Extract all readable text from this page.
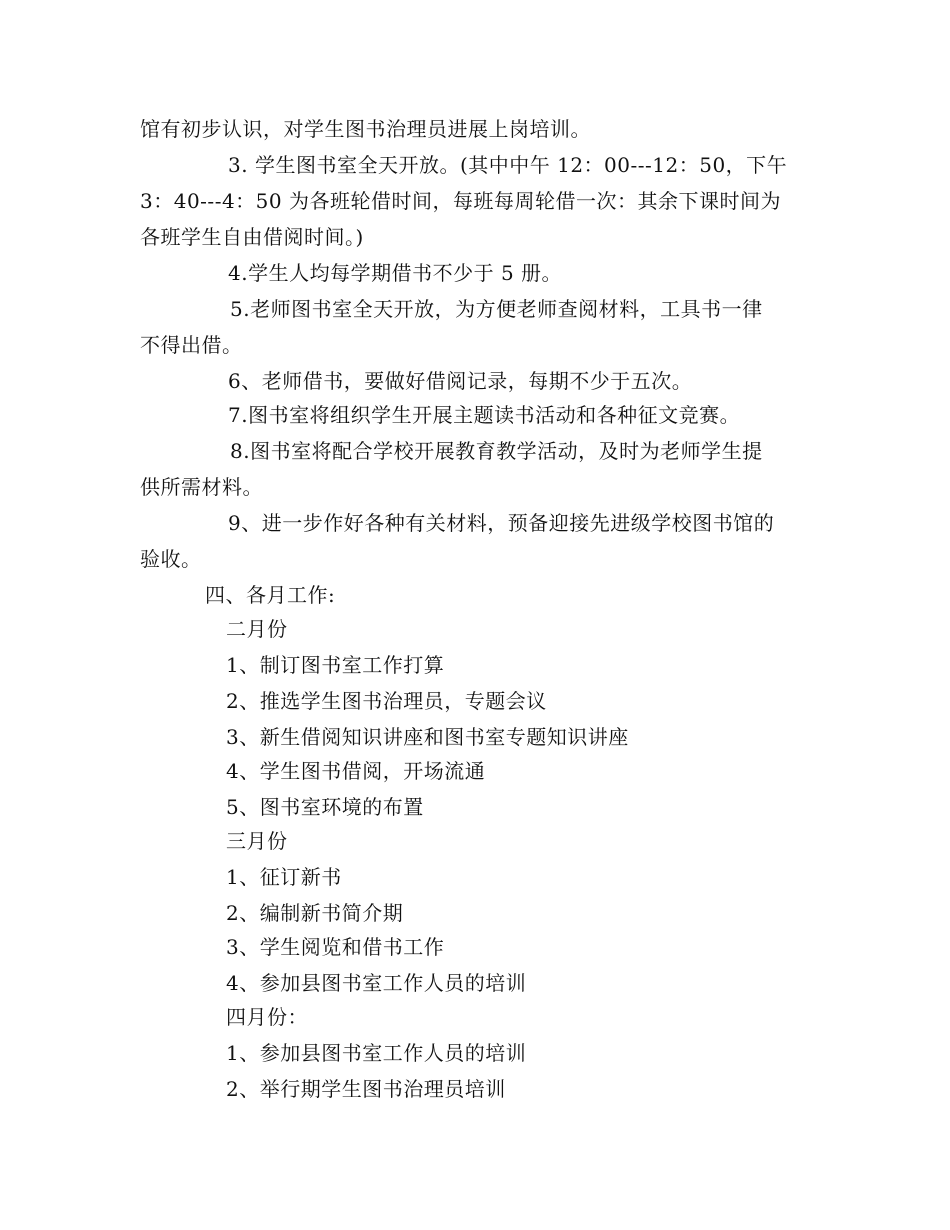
馆有初步认识，对学生图书治理员进展上岗培训。
3. 学生图书室全天开放。(其中中午 12：00---12：50，下午
3：40---4：50 为各班轮借时间，每班每周轮借一次：其余下课时间为
各班学生自由借阅时间。)
4.学生人均每学期借书不少于 5 册。
5.老师图书室全天开放，为方便老师查阅材料，工具书一律
不得出借。
6、老师借书，要做好借阅记录，每期不少于五次。
7.图书室将组织学生开展主题读书活动和各种征文竞赛。
8.图书室将配合学校开展教育教学活动，及时为老师学生提
供所需材料。
9、进一步作好各种有关材料，预备迎接先进级学校图书馆的
验收。
四、各月工作:
二月份
1、制订图书室工作打算
2、推选学生图书治理员，专题会议
3、新生借阅知识讲座和图书室专题知识讲座
4、学生图书借阅，开场流通
5、图书室环境的布置
三月份
1、征订新书
2、编制新书简介期
3、学生阅览和借书工作
4、参加县图书室工作人员的培训
四月份：
1、参加县图书室工作人员的培训
2、举行期学生图书治理员培训
